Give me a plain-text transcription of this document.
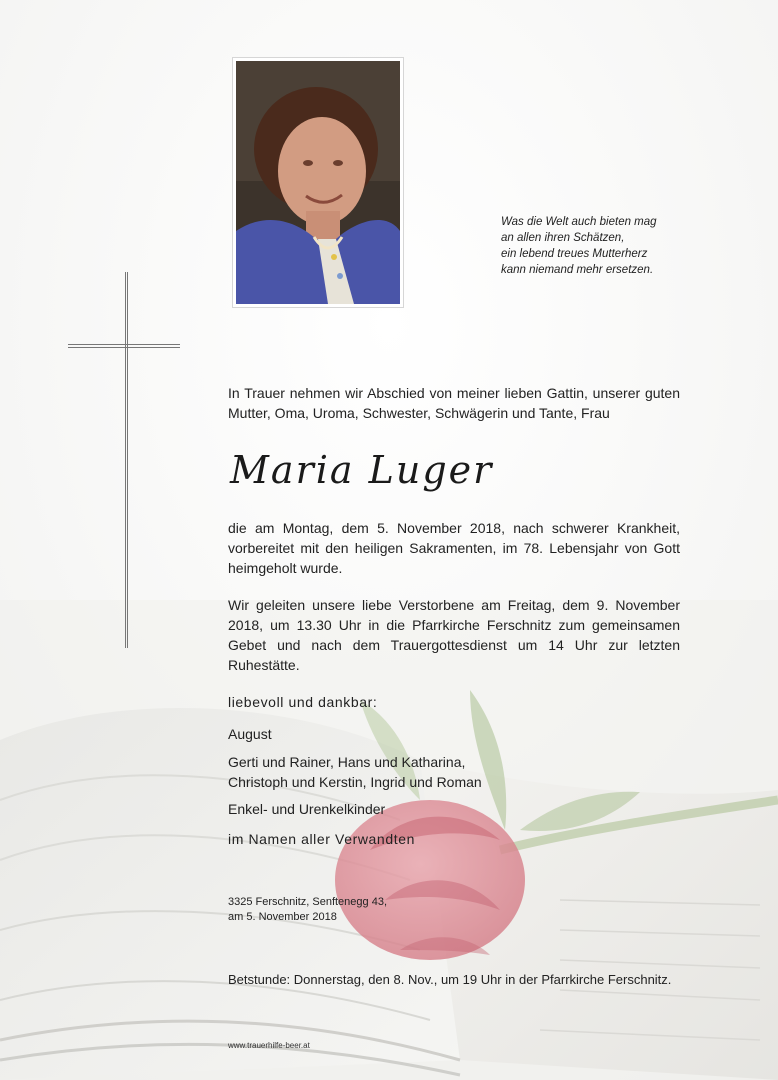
Was die Welt auch bieten mag
an allen ihren Schätzen,
ein lebend treues Mutterherz
kann niemand mehr ersetzen.
In Trauer nehmen wir Abschied von meiner lieben Gattin, unserer guten Mutter, Oma, Uroma, Schwester, Schwägerin und Tante, Frau
Maria Luger
die am Montag, dem 5. November 2018, nach schwerer Krankheit, vorbereitet mit den heiligen Sakramenten, im 78. Lebensjahr von Gott heimgeholt wurde.
Wir geleiten unsere liebe Verstorbene am Freitag, dem 9. November 2018, um 13.30 Uhr in die Pfarrkirche Ferschnitz zum gemeinsamen Gebet und nach dem Trauergottesdienst um 14 Uhr zur letzten Ruhestätte.
liebevoll und dankbar:
August
Gerti und Rainer, Hans und Katharina,
Christoph und Kerstin, Ingrid und Roman
Enkel- und Urenkelkinder
im Namen aller Verwandten
3325 Ferschnitz, Senftenegg 43,
am 5. November 2018
Betstunde: Donnerstag, den 8. Nov., um 19 Uhr in der Pfarrkirche Ferschnitz.
www.trauerhilfe-beer.at
